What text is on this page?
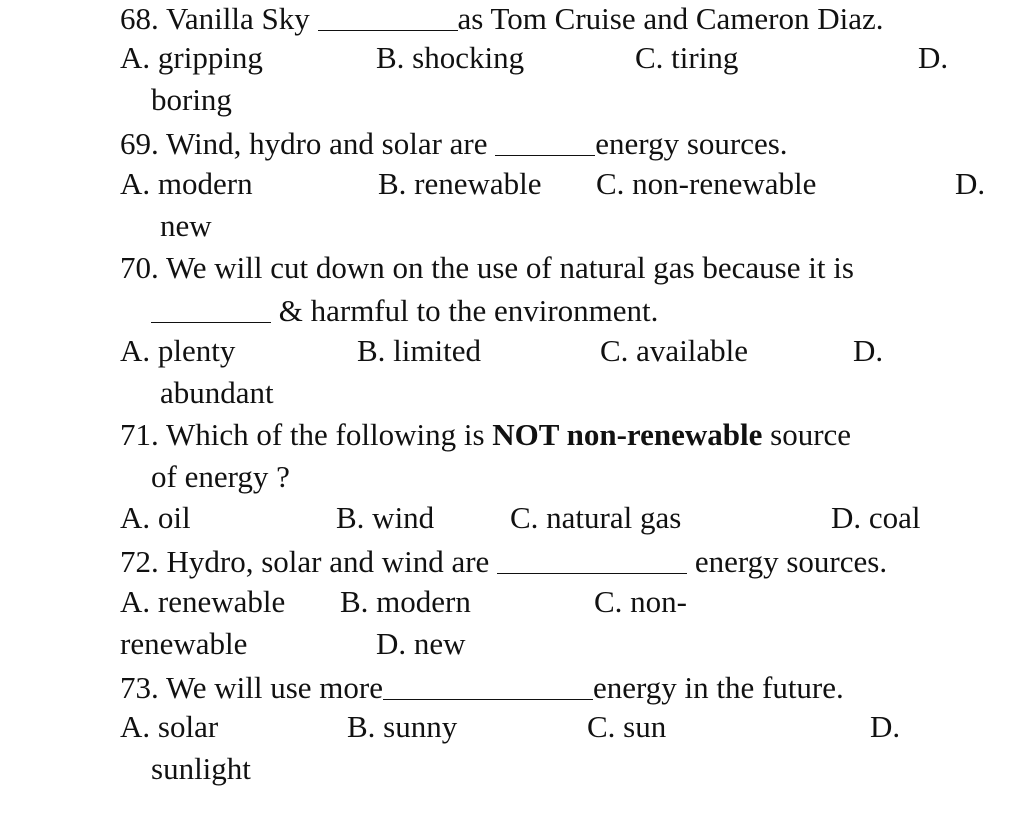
68. Vanilla Sky	as Tom Cruise and Cameron Diaz.
A. gripping	B. shocking	C. tiring	D.
boring
69. Wind, hydro and solar are	energy sources.
A. modern	B. renewable C. non-renewable	D.
new
70. We will cut down on the use of natural gas because it is
& harmful to the environment.
A. plenty	B. limited	C. available	D.
abundant
71. Which of the following is NOT non-renewable source
of energy ?
A. oil	B. wind C. natural gas	D. coal
72. Hydro, solar and wind are	energy sources.
A. renewable B. modern	C. non-
renewable	D. new
73. We will use more	energy in the future.
A. solar	B. sunny	C. sun	D.
sunlight
